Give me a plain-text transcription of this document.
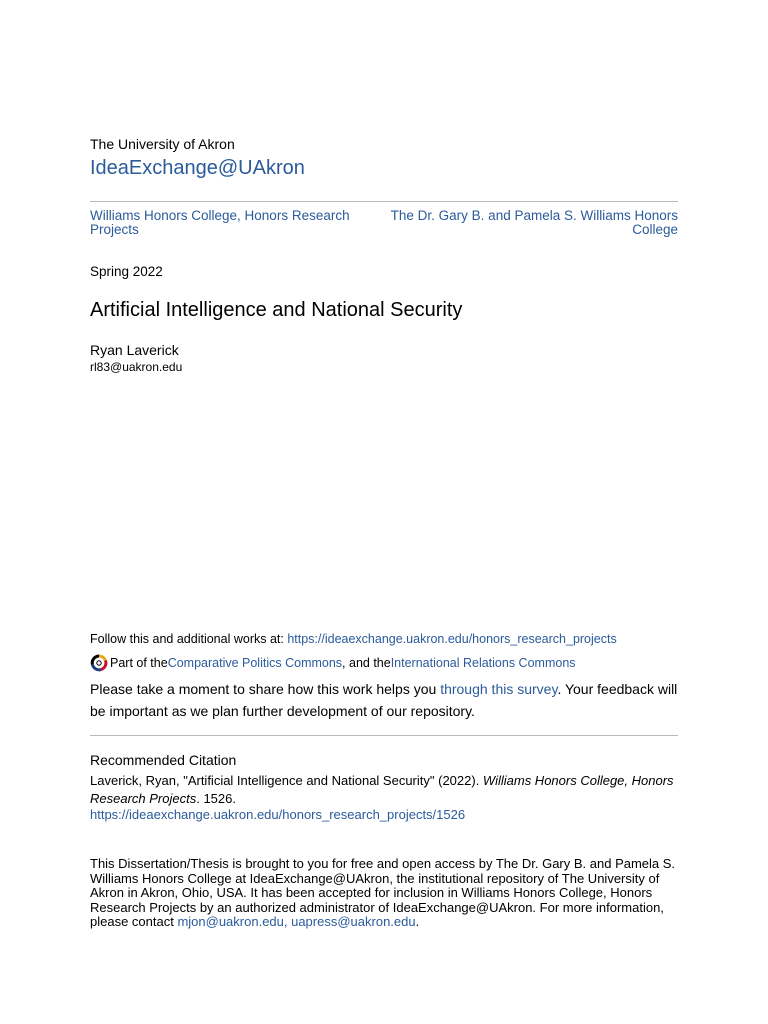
The University of Akron
IdeaExchange@UAkron
Williams Honors College, Honors Research Projects
The Dr. Gary B. and Pamela S. Williams Honors College
Spring 2022
Artificial Intelligence and National Security
Ryan Laverick
rl83@uakron.edu
Follow this and additional works at: https://ideaexchange.uakron.edu/honors_research_projects
Part of the Comparative Politics Commons , and the International Relations Commons
Please take a moment to share how this work helps you through this survey. Your feedback will be important as we plan further development of our repository.
Recommended Citation
Laverick, Ryan, "Artificial Intelligence and National Security" (2022). Williams Honors College, Honors Research Projects. 1526.
https://ideaexchange.uakron.edu/honors_research_projects/1526
This Dissertation/Thesis is brought to you for free and open access by The Dr. Gary B. and Pamela S. Williams Honors College at IdeaExchange@UAkron, the institutional repository of The University of Akron in Akron, Ohio, USA. It has been accepted for inclusion in Williams Honors College, Honors Research Projects by an authorized administrator of IdeaExchange@UAkron. For more information, please contact mjon@uakron.edu, uapress@uakron.edu.
